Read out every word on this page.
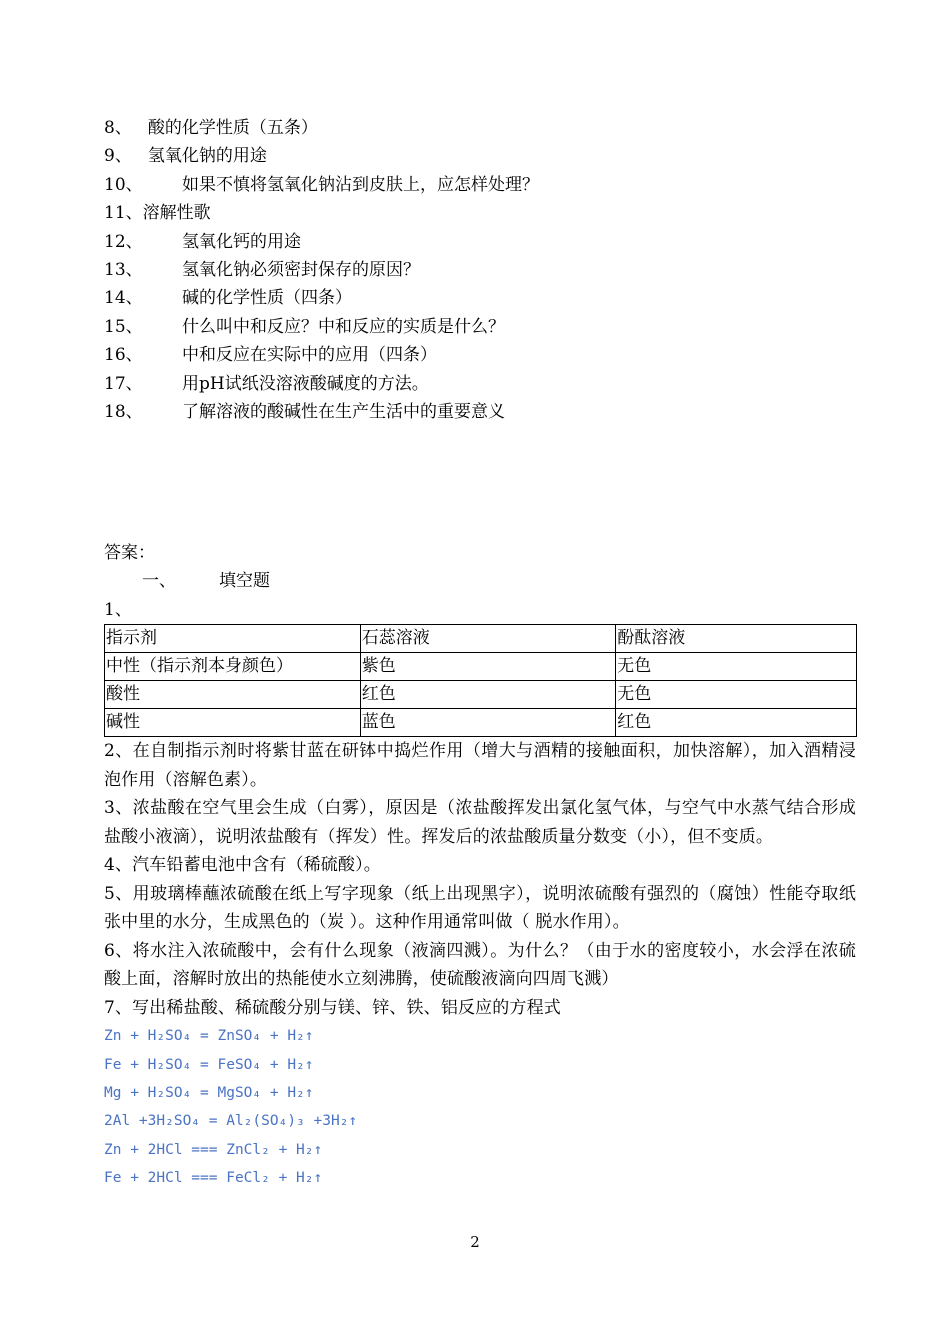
8、 酸的化学性质（五条）
9、 氢氧化钠的用途
10、 如果不慎将氢氧化钠沾到皮肤上，应怎样处理？
11、溶解性歌
12、 氢氧化钙的用途
13、 氢氧化钠必须密封保存的原因？
14、 碱的化学性质（四条）
15、 什么叫中和反应？中和反应的实质是什么？
16、 中和反应在实际中的应用（四条）
17、 用pH试纸没溶液酸碱度的方法。
18、 了解溶液的酸碱性在生产生活中的重要意义
答案：
一、	填空题
1、
指示剂	石蕊溶液	酚酞溶液
中性（指示剂本身颜色）	紫色	无色
酸性	红色	无色
碱性	蓝色	红色
2、在自制指示剂时将紫甘蓝在研钵中捣烂作用（增大与酒精的接触面积，加快溶解），加入酒精浸泡作用（溶解色素）。
3、浓盐酸在空气里会生成（白雾），原因是（浓盐酸挥发出氯化氢气体，与空气中水蒸气结合形成盐酸小液滴），说明浓盐酸有（挥发）性。挥发后的浓盐酸质量分数变（小），但不变质。
4、汽车铅蓄电池中含有（稀硫酸）。
5、用玻璃棒蘸浓硫酸在纸上写字现象（纸上出现黑字），说明浓硫酸有强烈的（腐蚀）性能夺取纸张中里的水分，生成黑色的（炭 ）。这种作用通常叫做（ 脱水作用）。
6、将水注入浓硫酸中，会有什么现象（液滴四溅）。为什么？（由于水的密度较小，水会浮在浓硫酸上面，溶解时放出的热能使水立刻沸腾，使硫酸液滴向四周飞溅）
7、写出稀盐酸、稀硫酸分别与镁、锌、铁、铝反应的方程式
Zn + H₂SO₄ = ZnSO₄ + H₂↑
Fe + H₂SO₄ = FeSO₄ + H₂↑
Mg + H₂SO₄ = MgSO₄ + H₂↑
2Al +3H₂SO₄ = Al₂(SO₄)₃ +3H₂↑
Zn + 2HCl === ZnCl₂ + H₂↑
Fe + 2HCl === FeCl₂ + H₂↑
2
